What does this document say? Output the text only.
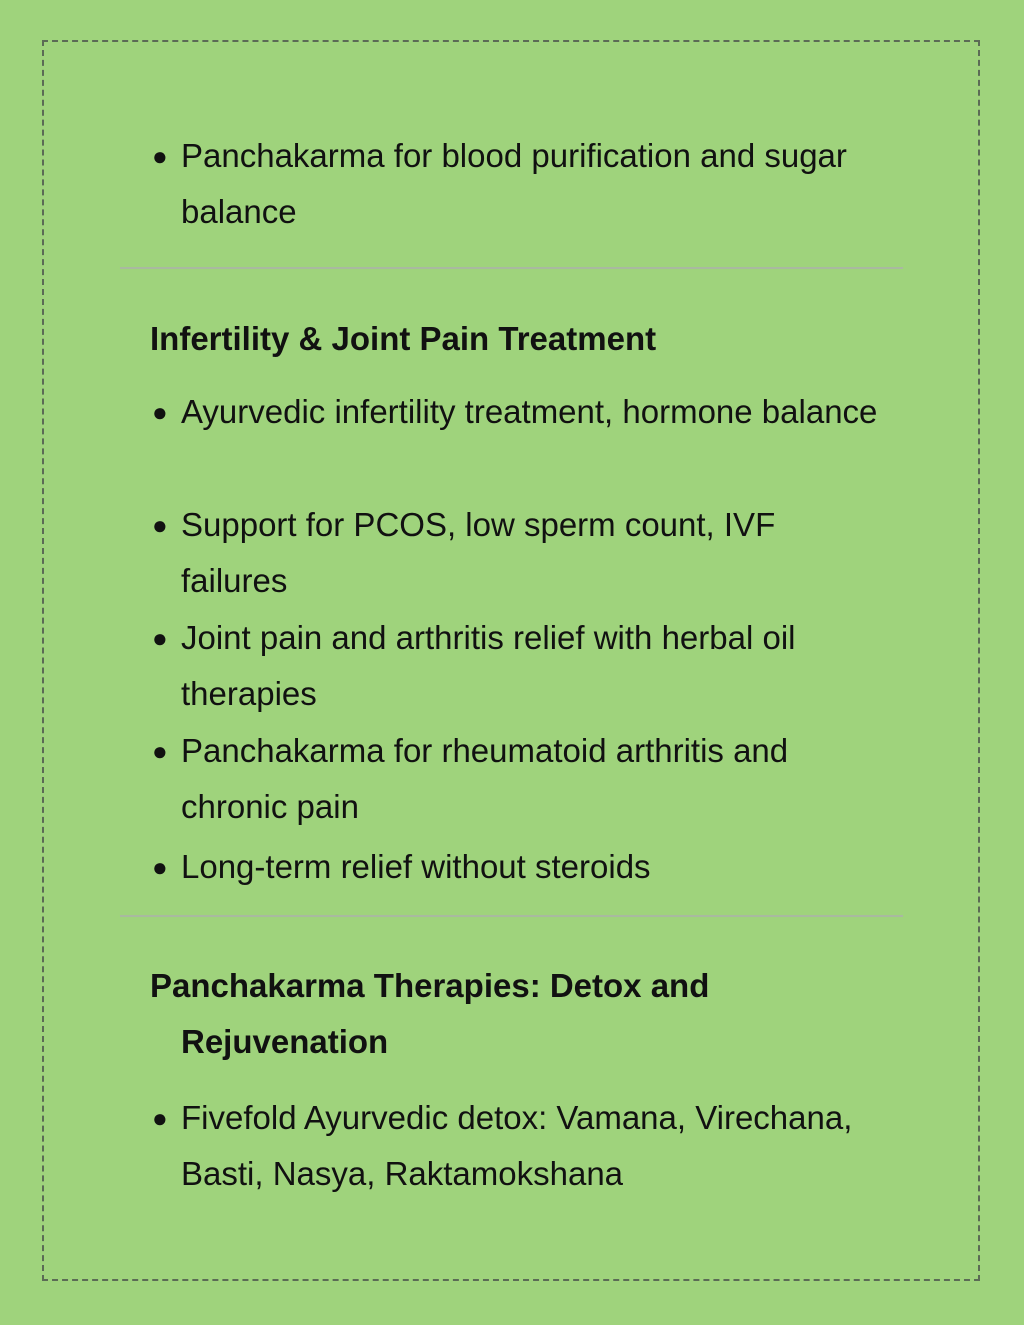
● Panchakarma for blood purification and sugar balance
Infertility & Joint Pain Treatment
● Ayurvedic infertility treatment, hormone balance
● Support for PCOS, low sperm count, IVF failures
● Joint pain and arthritis relief with herbal oil therapies
● Panchakarma for rheumatoid arthritis and chronic pain
● Long-term relief without steroids
Panchakarma Therapies: Detox and
Rejuvenation
● Fivefold Ayurvedic detox: Vamana, Virechana, Basti, Nasya, Raktamokshana
